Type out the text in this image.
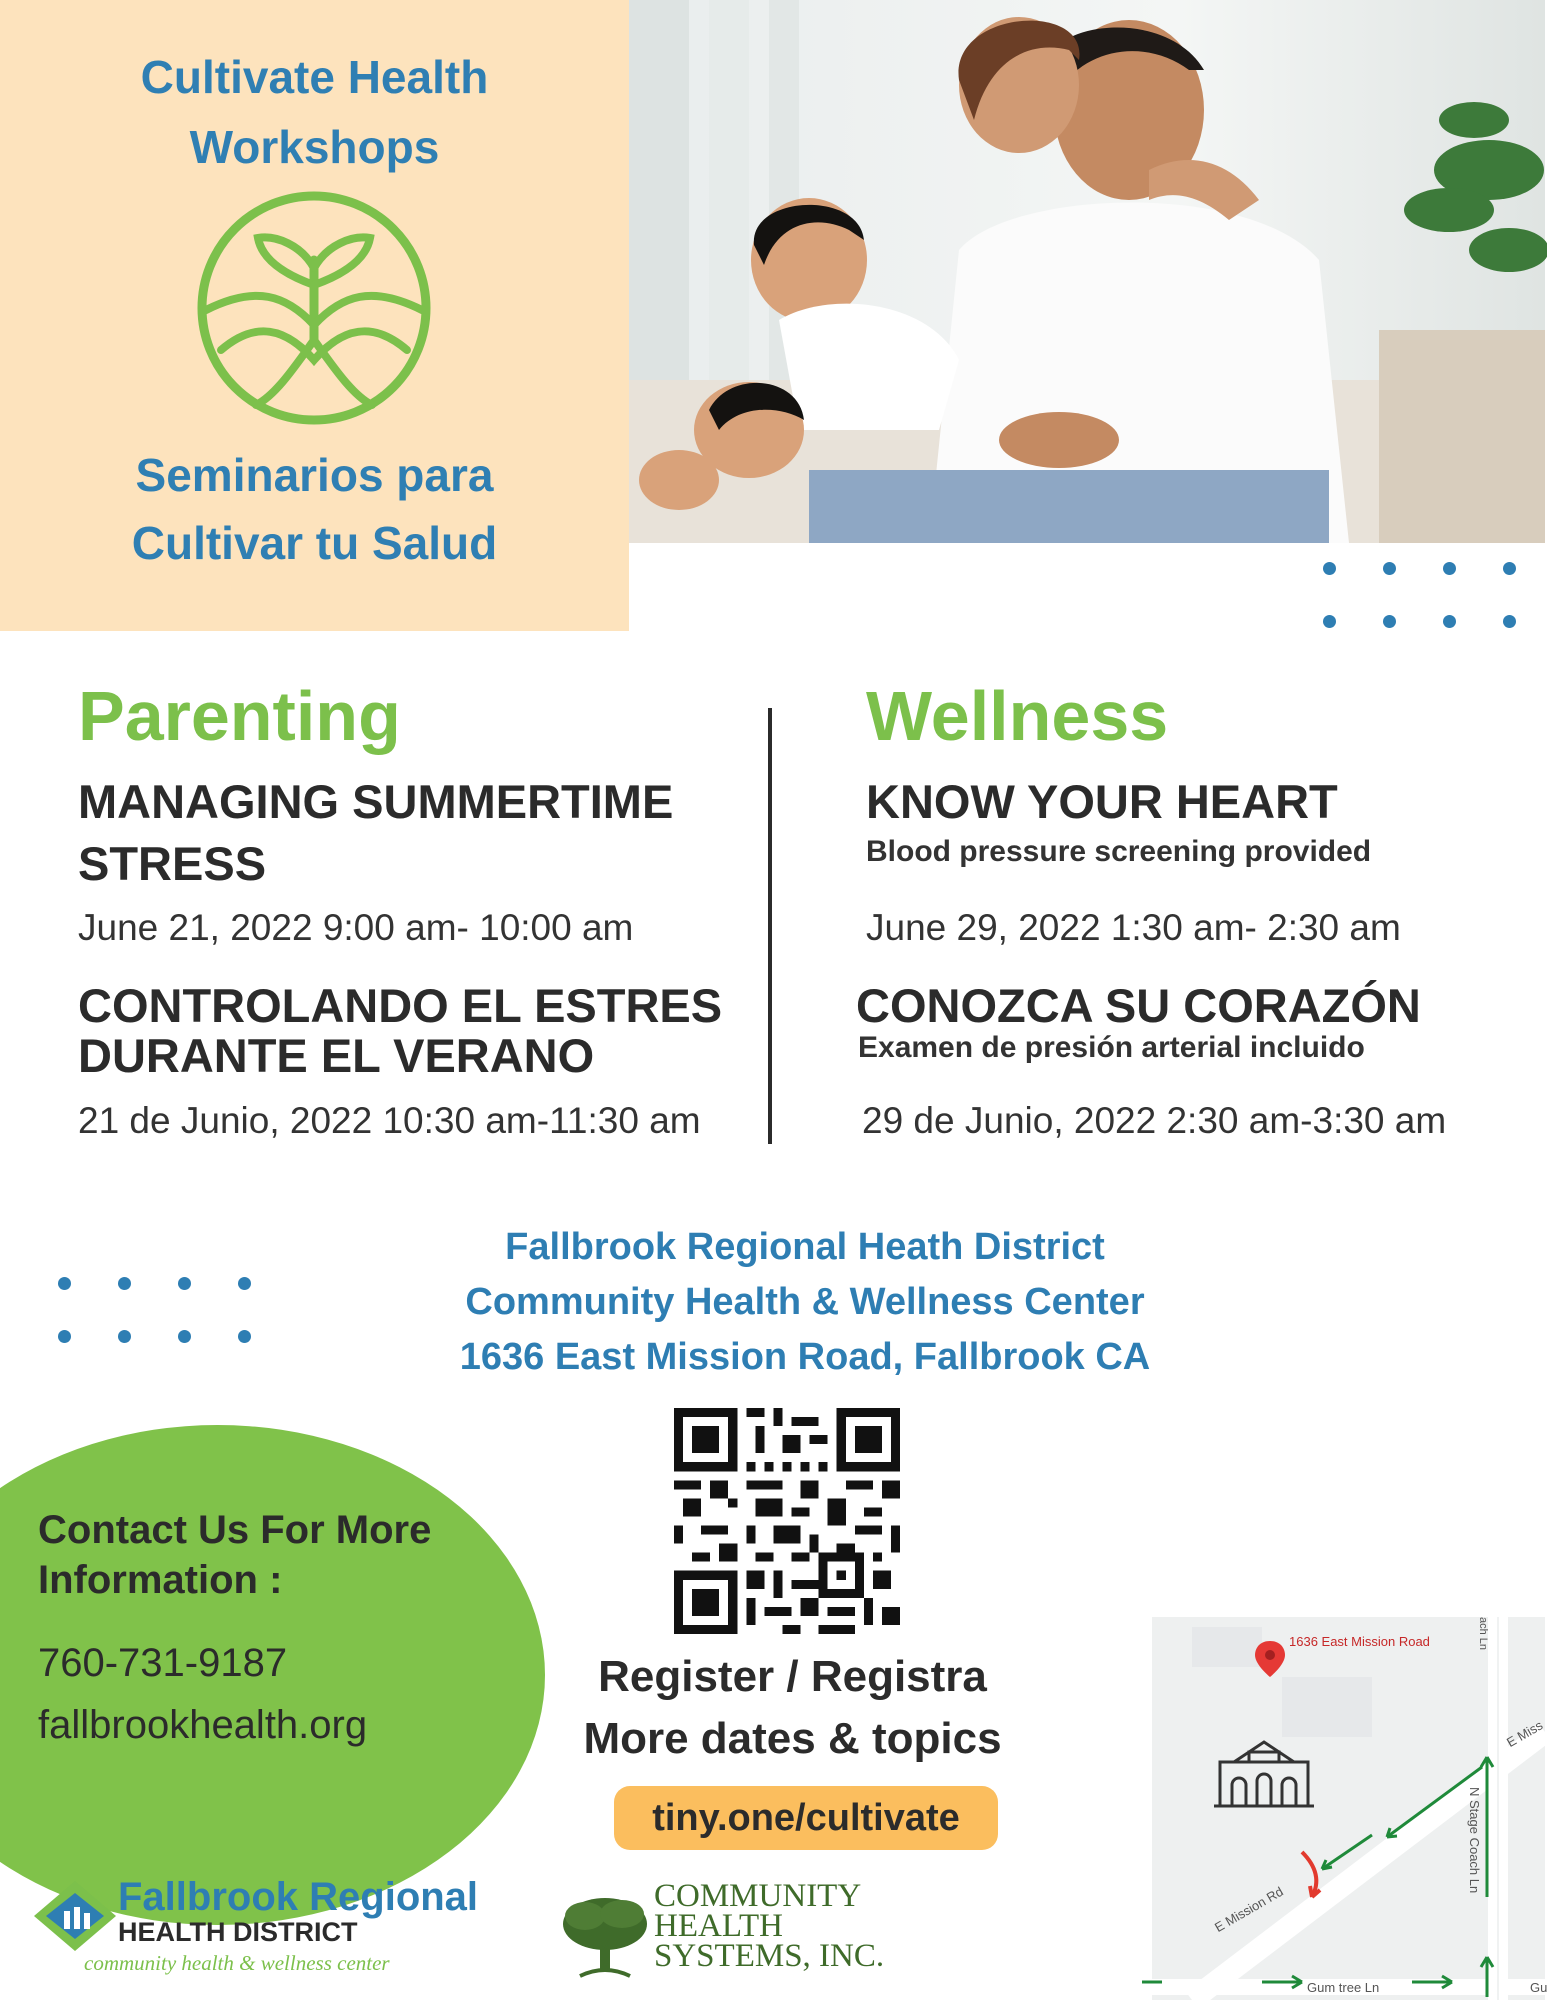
Cultivate Health
Workshops
Seminarios para
Cultivar tu Salud
Parenting
MANAGING SUMMERTIME
STRESS
June 21, 2022 9:00 am- 10:00 am
CONTROLANDO EL ESTRES
DURANTE EL VERANO
21 de Junio, 2022 10:30 am-11:30 am
Wellness
KNOW YOUR HEART
Blood pressure screening provided
June 29, 2022 1:30 am- 2:30 am
CONOZCA SU CORAZÓN
Examen de presión arterial incluido
29 de Junio, 2022 2:30 am-3:30 am
Fallbrook Regional Heath District
Community Health & Wellness Center
1636 East Mission Road, Fallbrook CA
Contact Us For More
Information :
760-731-9187
fallbrookhealth.org
Register / Registra
More dates & topics
tiny.one/cultivate
1636 East Mission Road
E Mission Rd
N Stage Coach Ln
Gum tree Ln
E Miss
ach Ln
Gu
Fallbrook Regional
HEALTH DISTRICT
community health & wellness center
COMMUNITY
HEALTH
SYSTEMS, INC.
